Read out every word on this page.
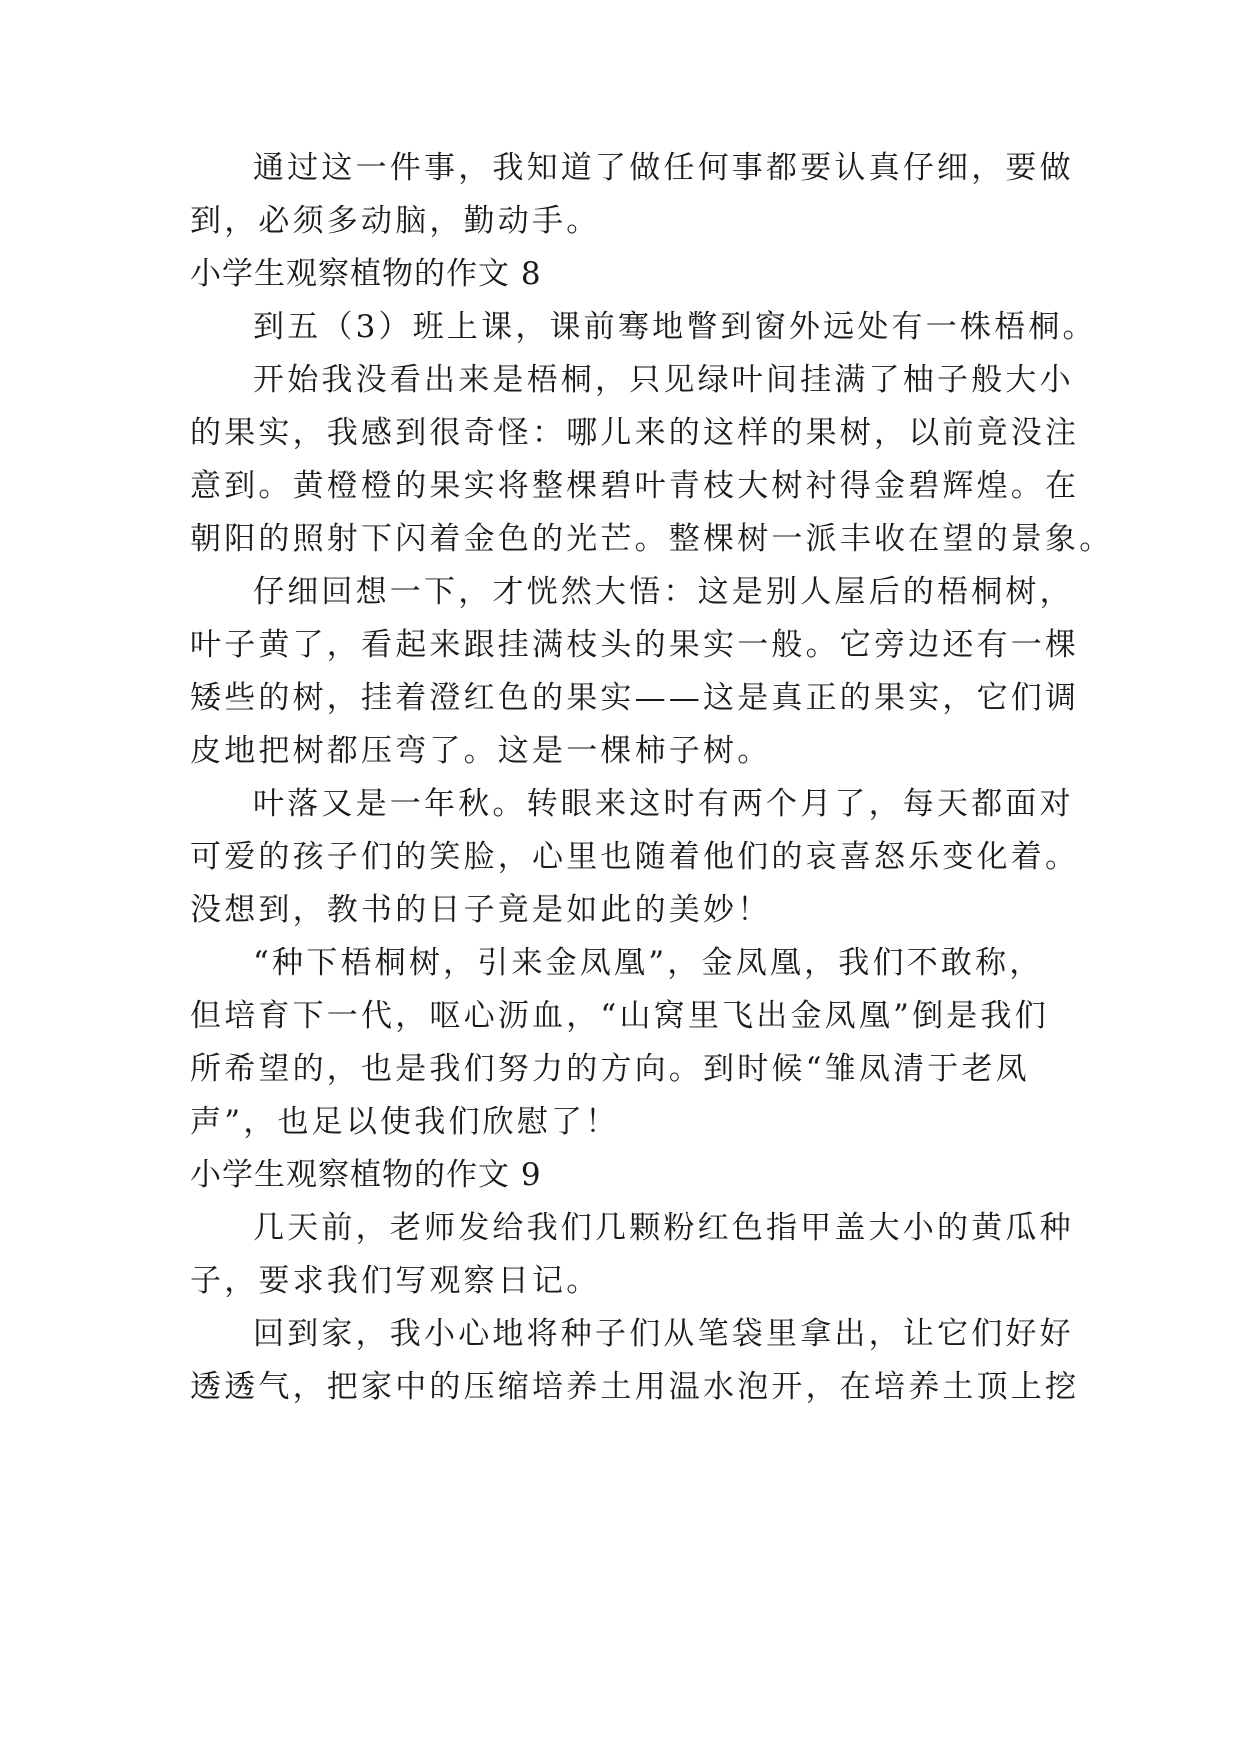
通过这一件事，我知道了做任何事都要认真仔细，要做
到，必须多动脑，勤动手。
小学生观察植物的作文 8
到五（3）班上课，课前骞地瞥到窗外远处有一株梧桐。
开始我没看出来是梧桐，只见绿叶间挂满了柚子般大小
的果实，我感到很奇怪：哪儿来的这样的果树，以前竟没注
意到。黄橙橙的果实将整棵碧叶青枝大树衬得金碧辉煌。在
朝阳的照射下闪着金色的光芒。整棵树一派丰收在望的景象。
仔细回想一下，才恍然大悟：这是别人屋后的梧桐树，
叶子黄了，看起来跟挂满枝头的果实一般。它旁边还有一棵
矮些的树，挂着澄红色的果实——这是真正的果实，它们调
皮地把树都压弯了。这是一棵柿子树。
叶落又是一年秋。转眼来这时有两个月了，每天都面对
可爱的孩子们的笑脸，心里也随着他们的哀喜怒乐变化着。
没想到，教书的日子竟是如此的美妙！
“种下梧桐树，引来金凤凰”，金凤凰，我们不敢称，
但培育下一代，呕心沥血，“山窝里飞出金凤凰”倒是我们
所希望的，也是我们努力的方向。到时候“雏凤清于老凤
声”，也足以使我们欣慰了！
小学生观察植物的作文 9
几天前，老师发给我们几颗粉红色指甲盖大小的黄瓜种
子，要求我们写观察日记。
回到家，我小心地将种子们从笔袋里拿出，让它们好好
透透气，把家中的压缩培养土用温水泡开，在培养土顶上挖
